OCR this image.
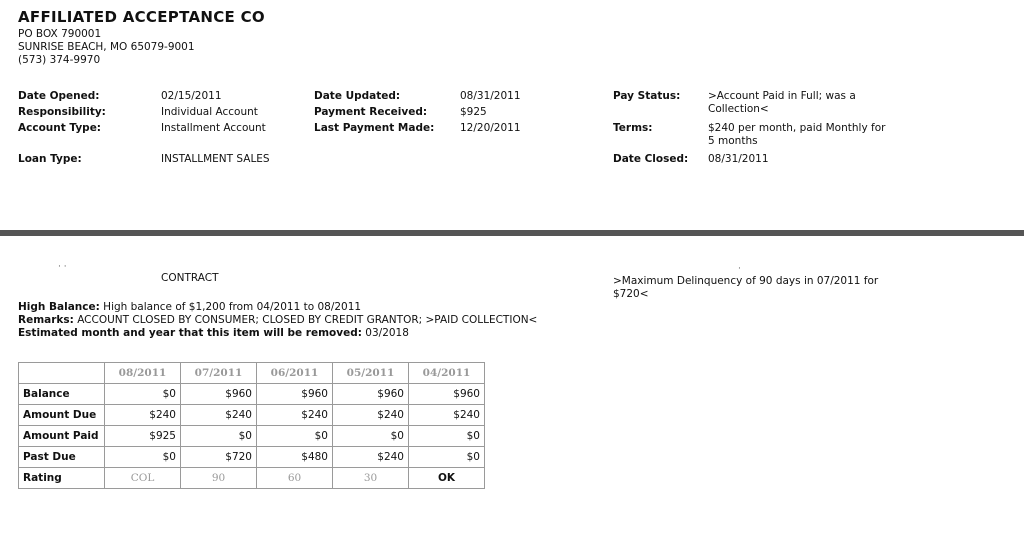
AFFILIATED ACCEPTANCE CO
PO BOX 790001
SUNRISE BEACH, MO 65079-9001
(573) 374-9970
Date Opened:	02/15/2011
Responsibility:	Individual Account
Account Type:	Installment Account
Loan Type:	INSTALLMENT SALES
Date Updated:	08/31/2011
Payment Received:	$925
Last Payment Made: 12/20/2011
Pay Status:	>Account Paid in Full; was a Collection<
Terms:	$240 per month, paid Monthly for 5 months
Date Closed: 08/31/2011
· ·
CONTRACT
·
>Maximum Delinquency of 90 days in 07/2011 for $720<
High Balance: High balance of $1,200 from 04/2011 to 08/2011
Remarks: ACCOUNT CLOSED BY CONSUMER; CLOSED BY CREDIT GRANTOR; >PAID COLLECTION<
Estimated month and year that this item will be removed: 03/2018
	08/2011	07/2011	06/2011	05/2011	04/2011
Balance	$0	$960	$960	$960	$960
Amount Due	$240	$240	$240	$240	$240
Amount Paid	$925	$0	$0	$0	$0
Past Due	$0	$720	$480	$240	$0
Rating	COL	90	60	30	OK
